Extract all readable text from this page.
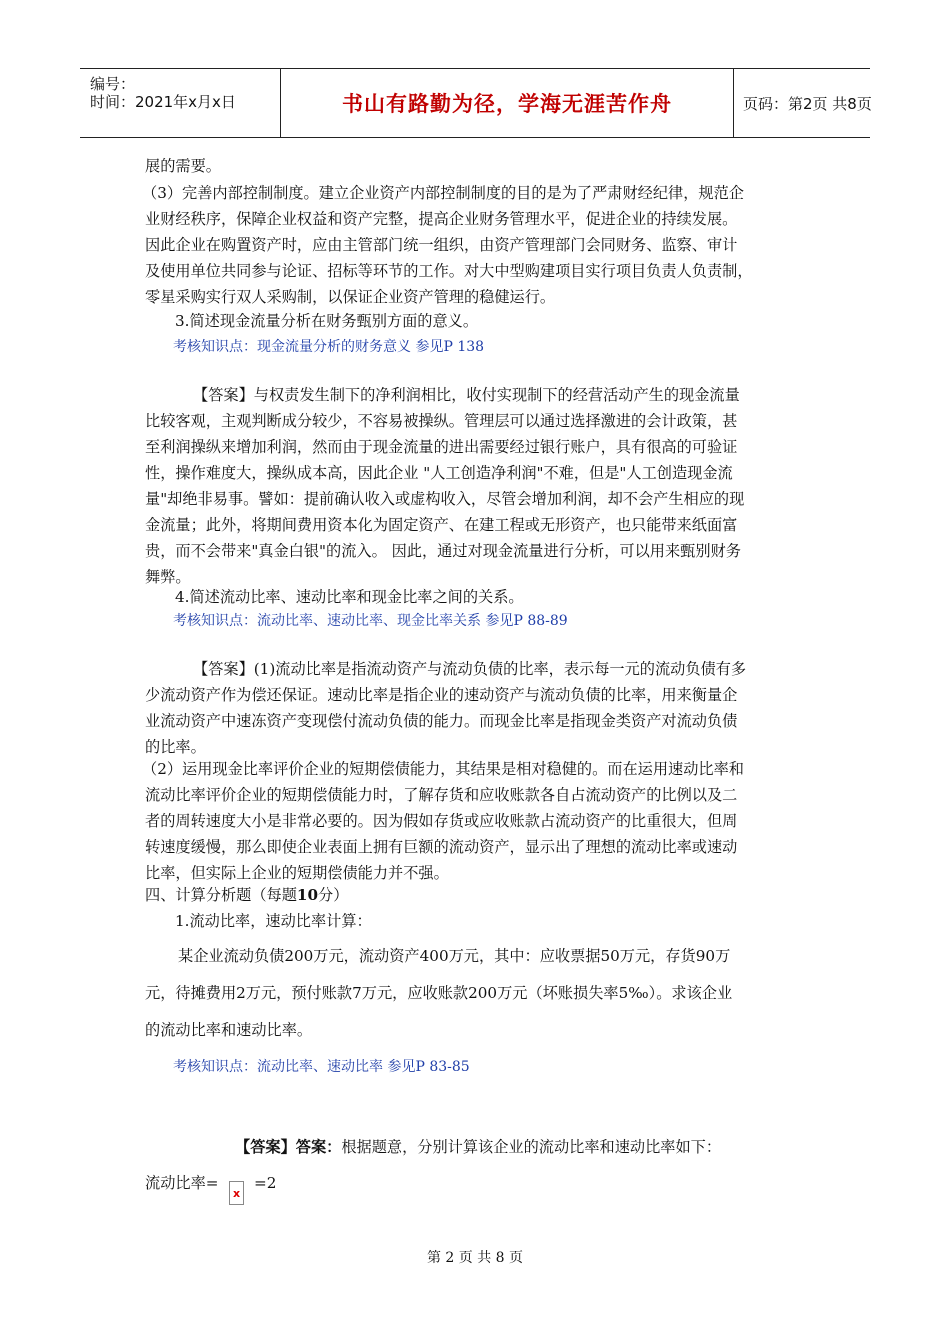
编号：
时间：2021年x月x日	书山有路勤为径，学海无涯苦作舟	页码：第2页 共8页

展的需要。

（3）完善内部控制制度。建立企业资产内部控制制度的目的是为了严肃财经纪律，规范企

业财经秩序，保障企业权益和资产完整，提高企业财务管理水平，促进企业的持续发展。

因此企业在购置资产时，应由主管部门统一组织，由资产管理部门会同财务、监察、审计

及使用单位共同参与论证、招标等环节的工作。对大中型购建项目实行项目负责人负责制，

零星采购实行双人采购制，以保证企业资产管理的稳健运行。

3.简述现金流量分析在财务甄别方面的意义。

考核知识点：现金流量分析的财务意义 参见P 138

【答案】与权责发生制下的净利润相比，收付实现制下的经营活动产生的现金流量

比较客观，主观判断成分较少，不容易被操纵。管理层可以通过选择激进的会计政策，甚

至利润操纵来增加利润，然而由于现金流量的进出需要经过银行账户，具有很高的可验证

性，操作难度大，操纵成本高，因此企业 "人工创造净利润"不难，但是"人工创造现金流

量"却绝非易事。譬如：提前确认收入或虚构收入，尽管会增加利润，却不会产生相应的现

金流量；此外，将期间费用资本化为固定资产、在建工程或无形资产，也只能带来纸面富

贵，而不会带来"真金白银"的流入。 因此，通过对现金流量进行分析，可以用来甄别财务

舞弊。

4.简述流动比率、速动比率和现金比率之间的关系。

考核知识点：流动比率、速动比率、现金比率关系 参见P 88-89

【答案】(1)流动比率是指流动资产与流动负债的比率，表示每一元的流动负债有多

少流动资产作为偿还保证。速动比率是指企业的速动资产与流动负债的比率，用来衡量企

业流动资产中速冻资产变现偿付流动负债的能力。而现金比率是指现金类资产对流动负债

的比率。

（2）运用现金比率评价企业的短期偿债能力，其结果是相对稳健的。而在运用速动比率和

流动比率评价企业的短期偿债能力时，了解存货和应收账款各自占流动资产的比例以及二

者的周转速度大小是非常必要的。因为假如存货或应收账款占流动资产的比重很大，但周

转速度缓慢，那么即使企业表面上拥有巨额的流动资产，显示出了理想的流动比率或速动

比率，但实际上企业的短期偿债能力并不强。

四、计算分析题（每题10分）

1.流动比率，速动比率计算：

某企业流动负债200万元，流动资产400万元，其中：应收票据50万元，存货90万

元，待摊费用2万元，预付账款7万元，应收账款200万元（坏账损失率5‰）。求该企业

的流动比率和速动比率。

考核知识点：流动比率、速动比率 参见P 83-85

【答案】答案：根据题意，分别计算该企业的流动比率和速动比率如下：

流动比率=

x

=2

第 2 页 共 8 页
